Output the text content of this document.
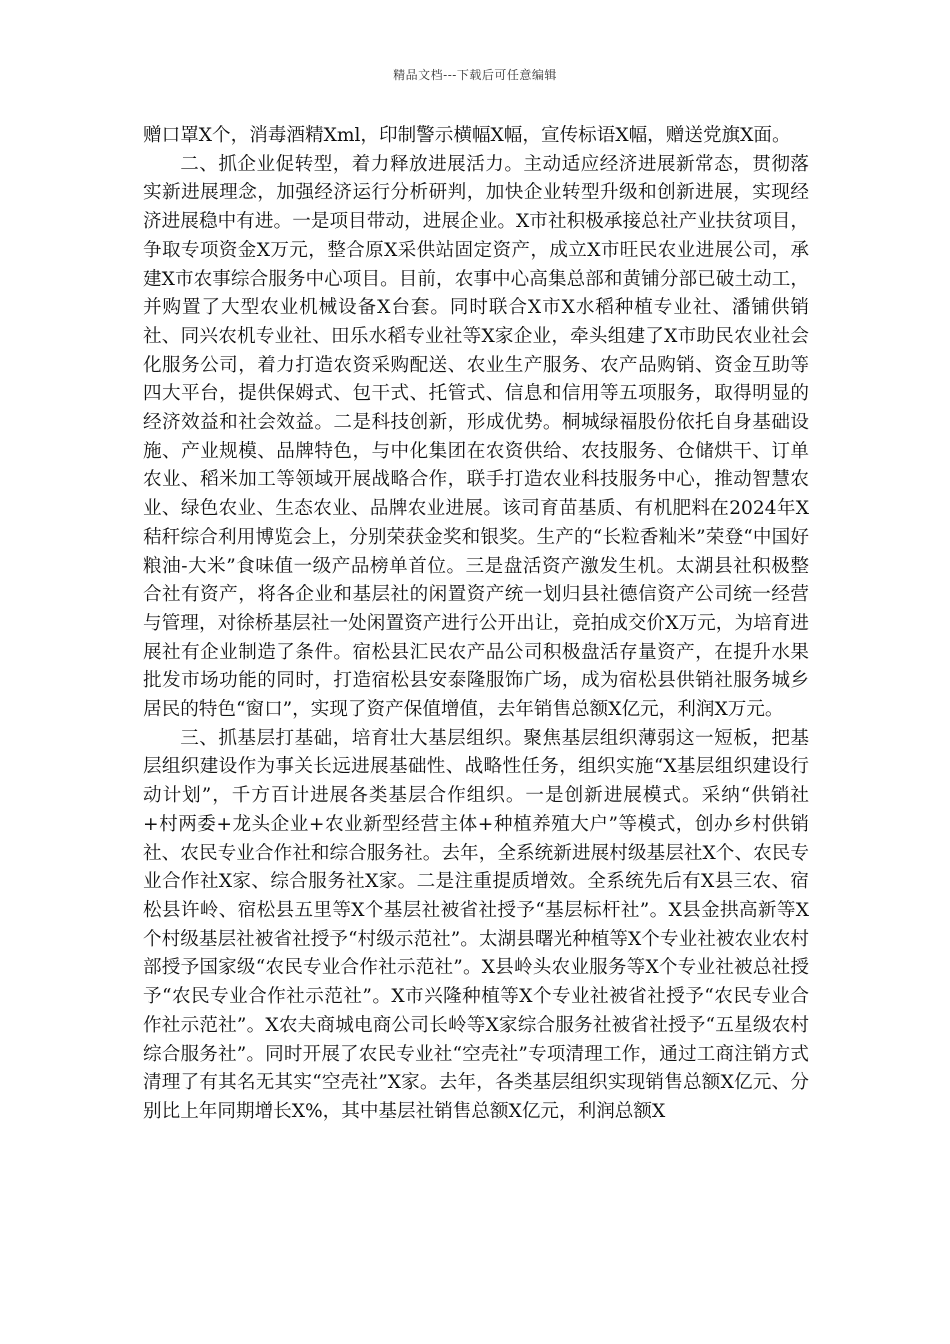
精品文档---下载后可任意编辑

赠口罩X个，消毒酒精Xml，印制警示横幅X幅，宣传标语X幅，赠送党旗X面。

二、抓企业促转型，着力释放进展活力。主动适应经济进展新常态，贯彻落实新进展理念，加强经济运行分析研判，加快企业转型升级和创新进展，实现经济进展稳中有进。一是项目带动，进展企业。X市社积极承接总社产业扶贫项目，争取专项资金X万元，整合原X采供站固定资产，成立X市旺民农业进展公司，承建X市农事综合服务中心项目。目前，农事中心高集总部和黄铺分部已破土动工，并购置了大型农业机械设备X台套。同时联合X市X水稻种植专业社、潘铺供销社、同兴农机专业社、田乐水稻专业社等X家企业，牵头组建了X市助民农业社会化服务公司，着力打造农资采购配送、农业生产服务、农产品购销、资金互助等四大平台，提供保姆式、包干式、托管式、信息和信用等五项服务，取得明显的经济效益和社会效益。二是科技创新，形成优势。桐城绿福股份依托自身基础设施、产业规模、品牌特色，与中化集团在农资供给、农技服务、仓储烘干、订单农业、稻米加工等领域开展战略合作，联手打造农业科技服务中心，推动智慧农业、绿色农业、生态农业、品牌农业进展。该司育苗基质、有机肥料在2024年X秸秆综合利用博览会上，分别荣获金奖和银奖。生产的“长粒香籼米”荣登“中国好粮油-大米”食味值一级产品榜单首位。三是盘活资产激发生机。太湖县社积极整合社有资产，将各企业和基层社的闲置资产统一划归县社德信资产公司统一经营与管理，对徐桥基层社一处闲置资产进行公开出让，竞拍成交价X万元，为培育进展社有企业制造了条件。宿松县汇民农产品公司积极盘活存量资产，在提升水果批发市场功能的同时，打造宿松县安泰隆服饰广场，成为宿松县供销社服务城乡居民的特色“窗口”，实现了资产保值增值，去年销售总额X亿元，利润X万元。

三、抓基层打基础，培育壮大基层组织。聚焦基层组织薄弱这一短板，把基层组织建设作为事关长远进展基础性、战略性任务，组织实施“X基层组织建设行动计划”，千方百计进展各类基层合作组织。一是创新进展模式。采纳“供销社+村两委+龙头企业+农业新型经营主体+种植养殖大户”等模式，创办乡村供销社、农民专业合作社和综合服务社。去年，全系统新进展村级基层社X个、农民专业合作社X家、综合服务社X家。二是注重提质增效。全系统先后有X县三农、宿松县许岭、宿松县五里等X个基层社被省社授予“基层标杆社”。X县金拱高新等X个村级基层社被省社授予“村级示范社”。太湖县曙光种植等X个专业社被农业农村部授予国家级“农民专业合作社示范社”。X县岭头农业服务等X个专业社被总社授予“农民专业合作社示范社”。X市兴隆种植等X个专业社被省社授予“农民专业合作社示范社”。X农夫商城电商公司长岭等X家综合服务社被省社授予“五星级农村综合服务社”。同时开展了农民专业社“空壳社”专项清理工作，通过工商注销方式清理了有其名无其实“空壳社”X家。去年，各类基层组织实现销售总额X亿元、分别比上年同期增长X%，其中基层社销售总额X亿元，利润总额X
